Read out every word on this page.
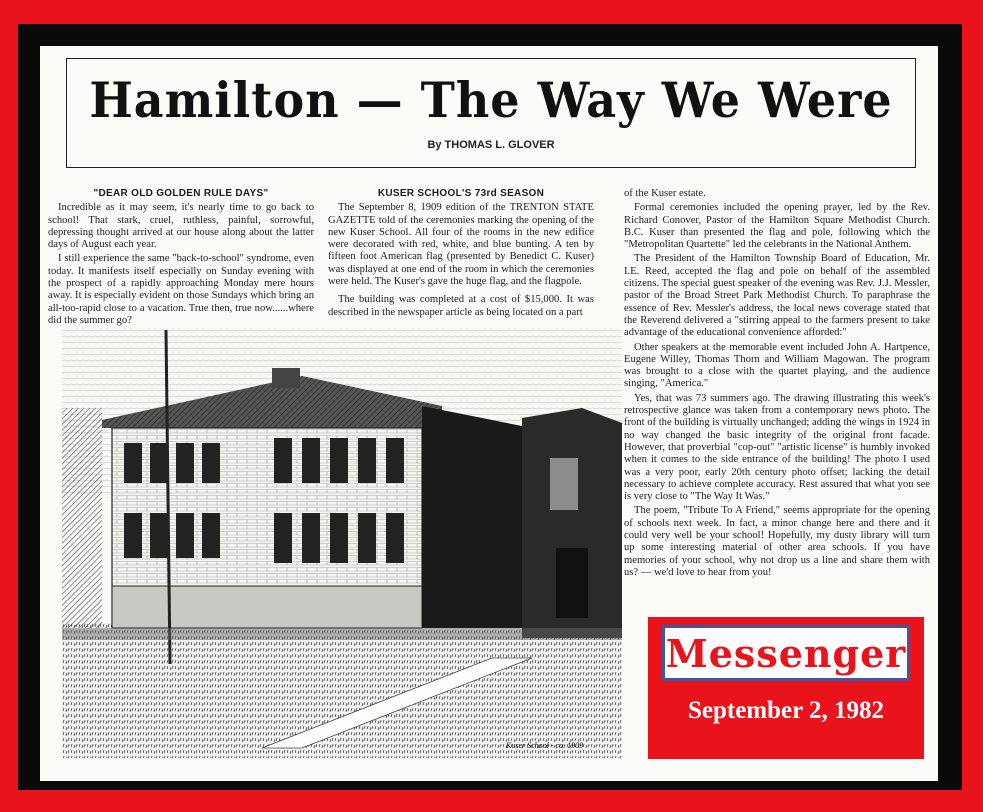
Hamilton — The Way We Were
By THOMAS L. GLOVER

"DEAR OLD GOLDEN RULE DAYS"

Incredible as it may seem, it's nearly time to go back to school! That stark, cruel, ruthless, painful, sorrowful, depressing thought arrived at our house along about the latter days of August each year.

I still experience the same "back-to-school" syndrome, even today. It manifests itself especially on Sunday evening with the prospect of a rapidly approaching Monday mere hours away. It is especially evident on those Sundays which bring an all-too-rapid close to a vacation. True then, true now......where did the summer go?

KUSER SCHOOL'S 73rd SEASON

The September 8, 1909 edition of the TRENTON STATE GAZETTE told of the ceremonies marking the opening of the new Kuser School. All four of the rooms in the new edifice were decorated with red, white, and blue bunting. A ten by fifteen foot American flag (presented by Benedict C. Kuser) was displayed at one end of the room in which the ceremonies were held. The Kuser's gave the huge flag, and the flagpole.

The building was completed at a cost of $15,000. It was described in the newspaper article as being located on a part

of the Kuser estate.

Formal ceremonies included the opening prayer, led by the Rev. Richard Conover, Pastor of the Hamilton Square Methodist Church. B.C. Kuser than presented the flag and pole, following which the "Metropolitan Quartette" led the celebrants in the National Anthem.

The President of the Hamilton Township Board of Education, Mr. I.E. Reed, accepted the flag and pole on behalf of the assembled citizens. The special guest speaker of the evening was Rev. J.J. Messler, pastor of the Broad Street Park Methodist Church. To paraphrase the essence of Rev. Messler's address, the local news coverage stated that the Reverend delivered a "stirring appeal to the farmers present to take advantage of the educational convenience afforded:"

Other speakers at the memorable event included John A. Hartpence, Eugene Willey, Thomas Thorn and William Magowan. The program was brought to a close with the quartet playing, and the audience singing, "America."

Yes, that was 73 summers ago. The drawing illustrating this week's retrospective glance was taken from a contemporary news photo. The front of the building is virtually unchanged; adding the wings in 1924 in no way changed the basic integrity of the original front facade. However, that proverbial "cop-out" "artistic license" is humbly invoked when it comes to the side entrance of the building! The photo I used was a very poor, early 20th century photo offset; lacking the detail necessary to achieve complete accuracy. Rest assured that what you see is very close to "The Way It Was."

The poem, "Tribute To A Friend," seems appropriate for the opening of schools next week. In fact, a minor change here and there and it could very well be your school! Hopefully, my dusty library will turn up some interesting material of other area schools. If you have memories of your school, why not drop us a line and share them with us? — we'd love to hear from you!

Kuser School - ca. 1909
Messenger
September 2, 1982
